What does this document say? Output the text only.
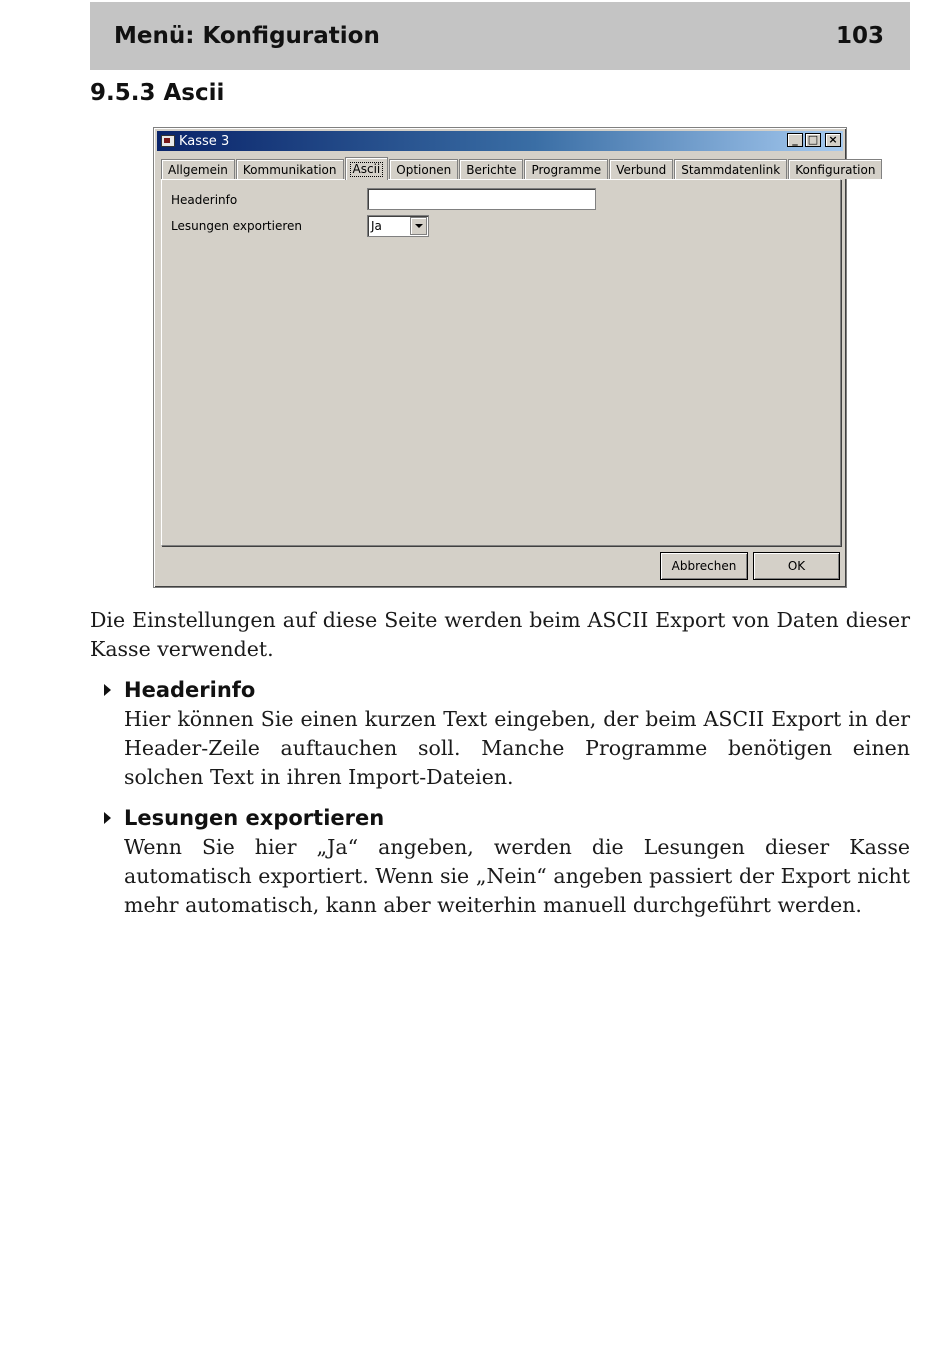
Menü: Konfiguration	103
9.5.3 Ascii
Kasse 3	_ □ ×
Allgemein	Kommunikation	Ascii	Optionen	Berichte	Programme	Verbund	Stammdatenlink	Konfiguration
Headerinfo
Lesungen exportieren	Ja
Abbrechen	OK
Die Einstellungen auf diese Seite werden beim ASCII Export von Daten dieser Kasse verwendet.
Headerinfo
Hier können Sie einen kurzen Text eingeben, der beim ASCII Export in der Header-Zeile auftauchen soll. Manche Programme benötigen einen solchen Text in ihren Import-Dateien.
Lesungen exportieren
Wenn Sie hier „Ja“ angeben, werden die Lesungen dieser Kasse automatisch exportiert. Wenn sie „Nein“ angeben passiert der Export nicht mehr automatisch, kann aber weiterhin manuell durchgeführt werden.
